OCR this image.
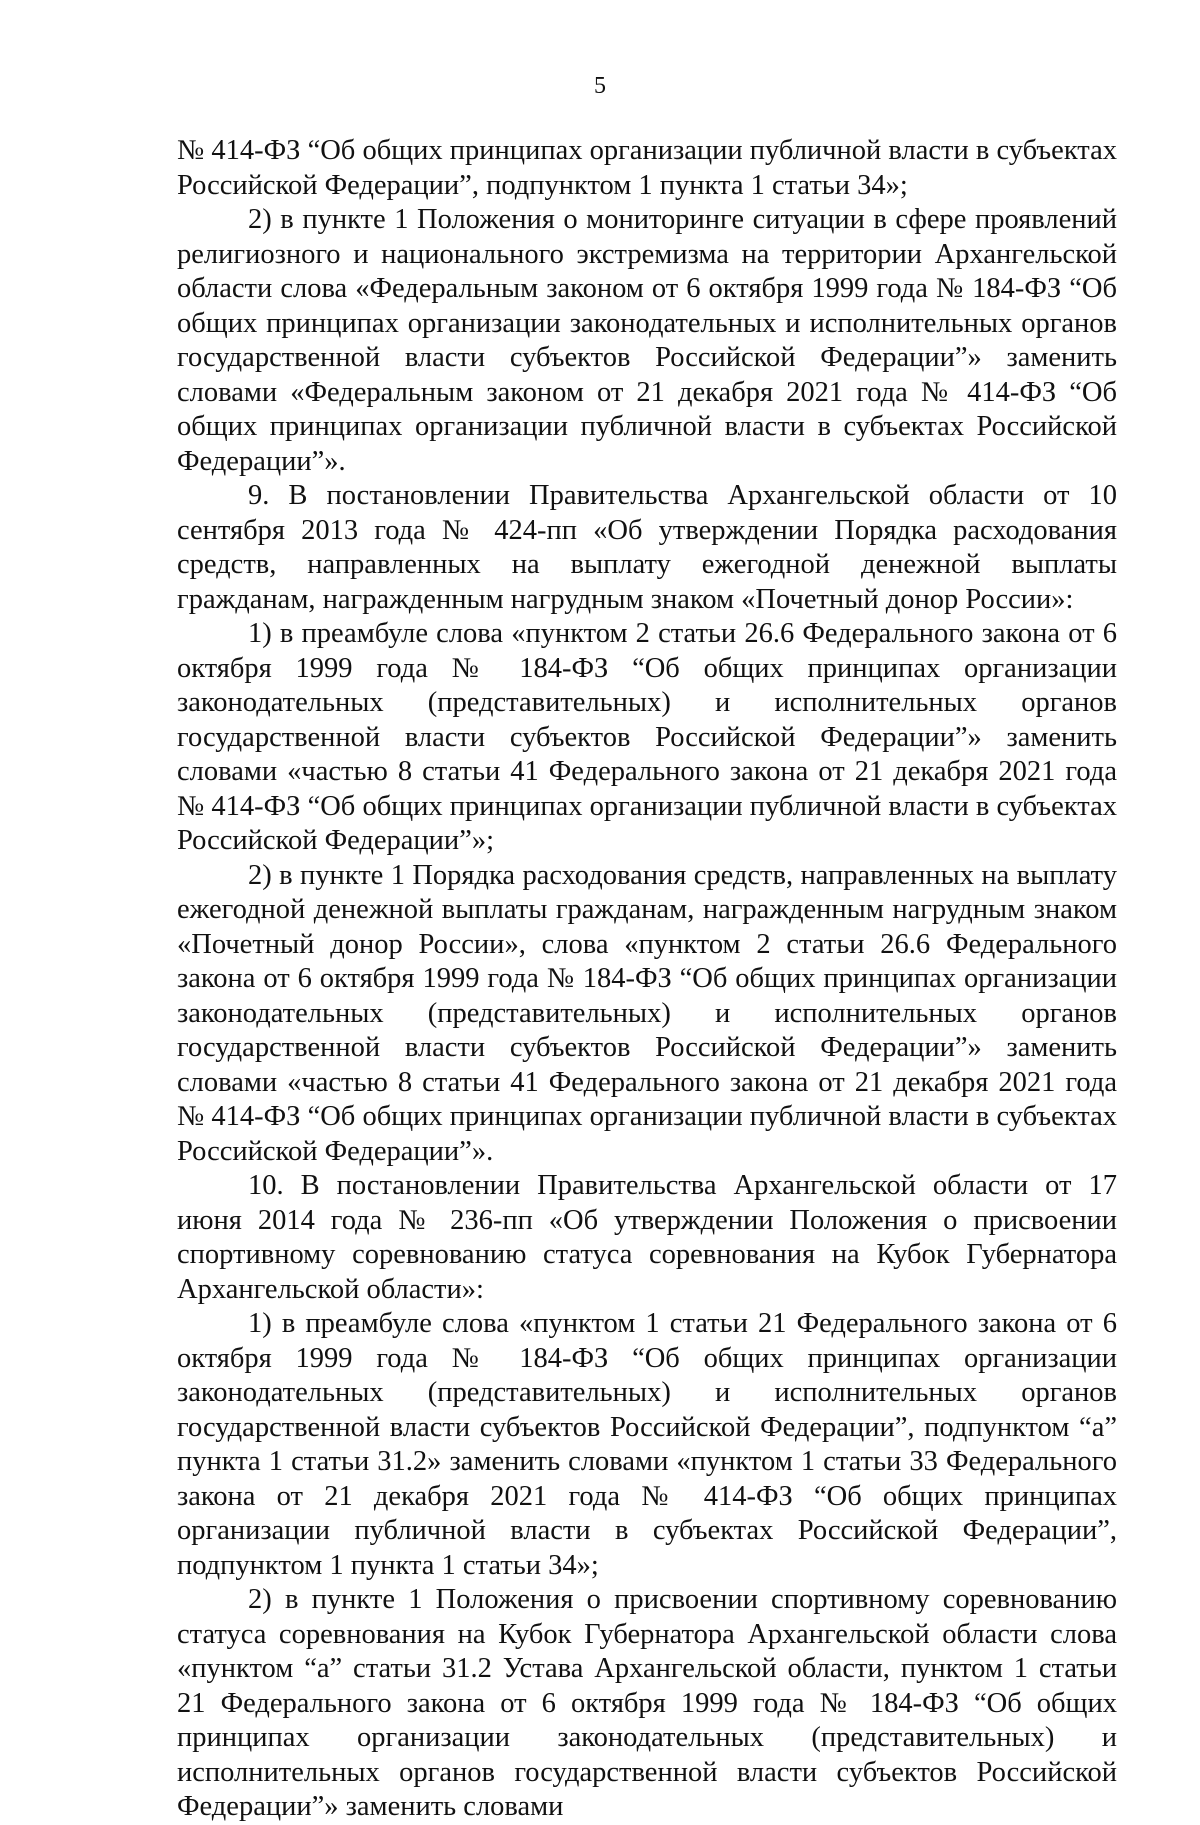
5

№ 414-ФЗ “Об общих принципах организации публичной власти в субъектах Российской Федерации”, подпунктом 1 пункта 1 статьи 34»;

2) в пункте 1 Положения о мониторинге ситуации в сфере проявлений религиозного и национального экстремизма на территории Архангельской области слова «Федеральным законом от 6 октября 1999 года № 184-ФЗ “Об общих принципах организации законодательных и исполнительных органов государственной власти субъектов Российской Федерации”» заменить словами «Федеральным законом от 21 декабря 2021 года № 414-ФЗ “Об общих принципах организации публичной власти в субъектах Российской Федерации”».

9. В постановлении Правительства Архангельской области от 10 сентября 2013 года № 424-пп «Об утверждении Порядка расходования средств, направленных на выплату ежегодной денежной выплаты гражданам, награжденным нагрудным знаком «Почетный донор России»:

1) в преамбуле слова «пунктом 2 статьи 26.6 Федерального закона от 6 октября 1999 года № 184-ФЗ “Об общих принципах организации законодательных (представительных) и исполнительных органов государственной власти субъектов Российской Федерации”» заменить словами «частью 8 статьи 41 Федерального закона от 21 декабря 2021 года № 414-ФЗ “Об общих принципах организации публичной власти в субъектах Российской Федерации”»;

2) в пункте 1 Порядка расходования средств, направленных на выплату ежегодной денежной выплаты гражданам, награжденным нагрудным знаком «Почетный донор России», слова «пунктом 2 статьи 26.6 Федерального закона от 6 октября 1999 года № 184-ФЗ “Об общих принципах организации законодательных (представительных) и исполнительных органов государственной власти субъектов Российской Федерации”» заменить словами «частью 8 статьи 41 Федерального закона от 21 декабря 2021 года № 414-ФЗ “Об общих принципах организации публичной власти в субъектах Российской Федерации”».

10. В постановлении Правительства Архангельской области от 17 июня 2014 года № 236-пп «Об утверждении Положения о присвоении спортивному соревнованию статуса соревнования на Кубок Губернатора Архангельской области»:

1) в преамбуле слова «пунктом 1 статьи 21 Федерального закона от 6 октября 1999 года № 184-ФЗ “Об общих принципах организации законодательных (представительных) и исполнительных органов государственной власти субъектов Российской Федерации”, подпунктом “а” пункта 1 статьи 31.2» заменить словами «пунктом 1 статьи 33 Федерального закона от 21 декабря 2021 года № 414-ФЗ “Об общих принципах организации публичной власти в субъектах Российской Федерации”, подпунктом 1 пункта 1 статьи 34»;

2) в пункте 1 Положения о присвоении спортивному соревнованию статуса соревнования на Кубок Губернатора Архангельской области слова «пунктом “а” статьи 31.2 Устава Архангельской области, пунктом 1 статьи 21 Федерального закона от 6 октября 1999 года № 184-ФЗ “Об общих принципах организации законодательных (представительных) и исполнительных органов государственной власти субъектов Российской Федерации”» заменить словами
